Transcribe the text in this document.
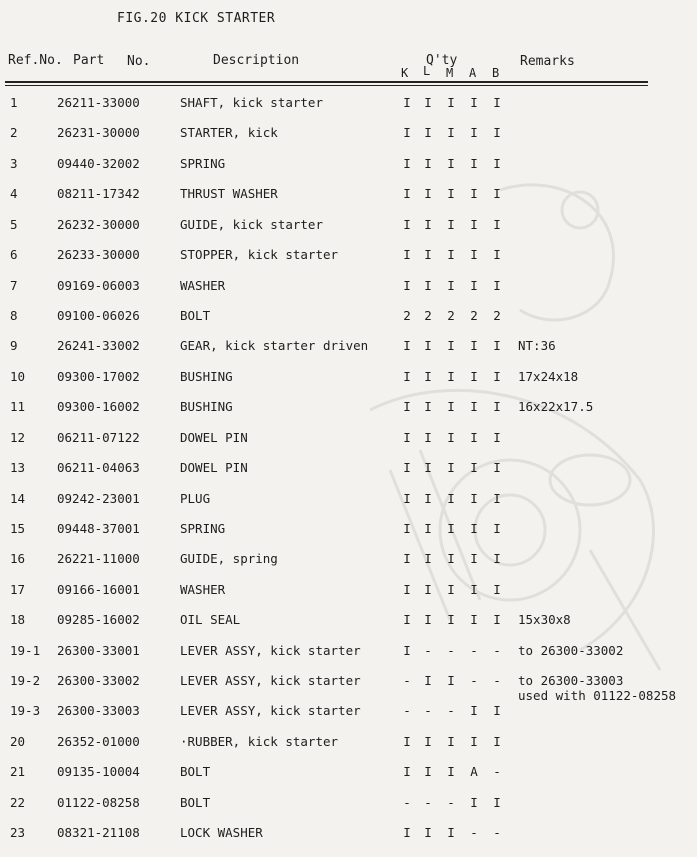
FIG.20 KICK STARTER
Ref.No. Part No.	Description	Q'ty
K L M A B
Remarks
1	26211-33000	SHAFT, kick starter	I I I I I
2	26231-30000	STARTER, kick	I I I I I
3	09440-32002	SPRING	I I I I I
4	08211-17342	THRUST WASHER	I I I I I
5	26232-30000	GUIDE, kick starter	I I I I I
6	26233-30000	STOPPER, kick starter	I I I I I
7	09169-06003	WASHER	I I I I I
8	09100-06026	BOLT	2 2 2 2 2
9	26241-33002	GEAR, kick starter driven	I I I I I NT:36
10	09300-17002	BUSHING	I I I I I 17x24x18
11	09300-16002	BUSHING	I I I I I 16x22x17.5
12	06211-07122	DOWEL PIN	I I I I I
13	06211-04063	DOWEL PIN	I I I I I
14	09242-23001	PLUG	I I I I I
15	09448-37001	SPRING	I I I I I
16	26221-11000	GUIDE, spring	I I I I I
17	09166-16001	WASHER	I I I I I
18	09285-16002	OIL SEAL	I I I I I 15x30x8
19-1 26300-33001	LEVER ASSY, kick starter	I - - - - to 26300-33002
19-2 26300-33002	LEVER ASSY, kick starter	- I I - - to 26300-33003
used with 01122-08258
19-3 26300-33003	LEVER ASSY, kick starter	- - - I I
20	26352-01000	·RUBBER, kick starter	I I I I I
21	09135-10004	BOLT	I I I A -
22	01122-08258	BOLT	- - - I I
23	08321-21108	LOCK WASHER	I I I - -
